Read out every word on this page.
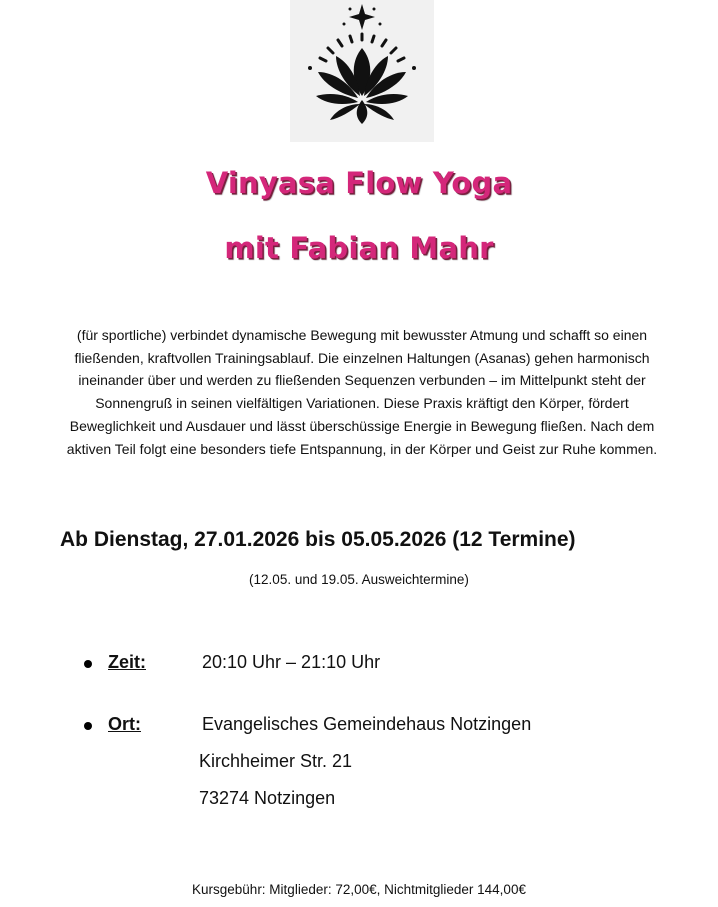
Vinyasa Flow Yoga
mit Fabian Mahr
(für sportliche) verbindet dynamische Bewegung mit bewusster Atmung und schafft so einen fließenden, kraftvollen Trainingsablauf. Die einzelnen Haltungen (Asanas) gehen harmonisch ineinander über und werden zu fließenden Sequenzen verbunden – im Mittelpunkt steht der Sonnengruß in seinen vielfältigen Variationen. Diese Praxis kräftigt den Körper, fördert Beweglichkeit und Ausdauer und lässt überschüssige Energie in Bewegung fließen. Nach dem aktiven Teil folgt eine besonders tiefe Entspannung, in der Körper und Geist zur Ruhe kommen.
Ab Dienstag, 27.01.2026 bis 05.05.2026 (12 Termine)
(12.05. und 19.05. Ausweichtermine)
Zeit:	20:10 Uhr – 21:10 Uhr
Ort:	Evangelisches Gemeindehaus Notzingen
Kirchheimer Str. 21
73274 Notzingen
Kursgebühr: Mitglieder: 72,00€, Nichtmitglieder 144,00€
